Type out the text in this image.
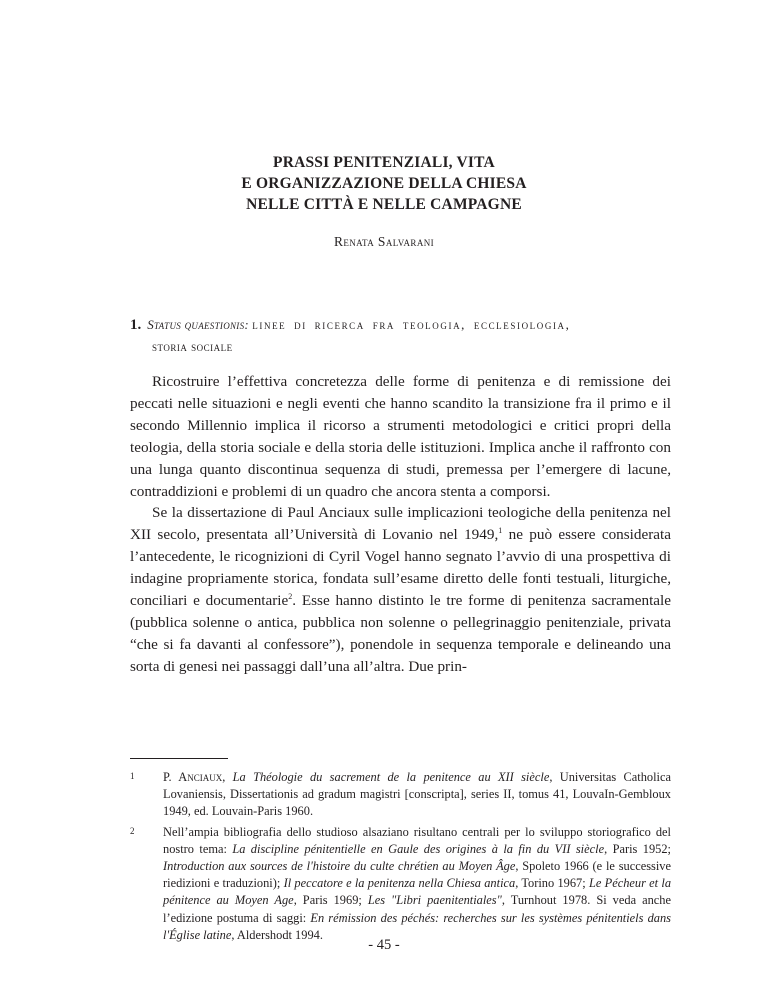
PRASSI PENITENZIALI, VITA
E ORGANIZZAZIONE DELLA CHIESA
NELLE CITTÀ E NELLE CAMPAGNE
Renata Salvarani
1. Status quaestionis: linee di ricerca fra teologia, ecclesiologia,
storia sociale

Ricostruire l’effettiva concretezza delle forme di penitenza e di remissione dei peccati nelle situazioni e negli eventi che hanno scandito la transizione fra il primo e il secondo Millennio implica il ricorso a strumenti metodologici e critici propri della teologia, della storia sociale e della storia delle istituzioni. Implica anche il raffronto con una lunga quanto discontinua sequenza di studi, premessa per l’emergere di lacune, contraddizioni e problemi di un quadro che ancora stenta a comporsi.

Se la dissertazione di Paul Anciaux sulle implicazioni teologiche della penitenza nel XII secolo, presentata all’Università di Lovanio nel 1949,$^1$ ne può essere considerata l’antecedente, le ricognizioni di Cyril Vogel hanno segnato l’avvio di una prospettiva di indagine propriamente storica, fondata sull’esame diretto delle fonti testuali, liturgiche, conciliari e documentarie$^2$. Esse hanno distinto le tre forme di penitenza sacramentale (pubblica solenne o antica, pubblica non solenne o pellegrinaggio penitenziale, privata “che si fa davanti al confessore”), ponendole in sequenza temporale e delineando una sorta di genesi nei passaggi dall’una all’altra. Due prin-

1 P. Anciaux, La Théologie du sacrement de la penitence au XII siècle, Universitas Catholica Lovaniensis, Dissertationis ad gradum magistri [conscripta], series II, tomus 41, LouvaIn-Gembloux 1949, ed. Louvain-Paris 1960.
2 Nell’ampia bibliografia dello studioso alsaziano risultano centrali per lo sviluppo storiografico del nostro tema: La discipline pénitentielle en Gaule des origines à la fin du VII siècle, Paris 1952; Introduction aux sources de l'histoire du culte chrétien au Moyen Âge, Spoleto 1966 (e le successive riedizioni e traduzioni); Il peccatore e la penitenza nella Chiesa antica, Torino 1967; Le Pécheur et la pénitence au Moyen Age, Paris 1969; Les "Libri paenitentiales", Turnhout 1978. Si veda anche l’edizione postuma di saggi: En rémission des péchés: recherches sur les systèmes pénitentiels dans l'Église latine, Aldershodt 1994.
- 45 -
